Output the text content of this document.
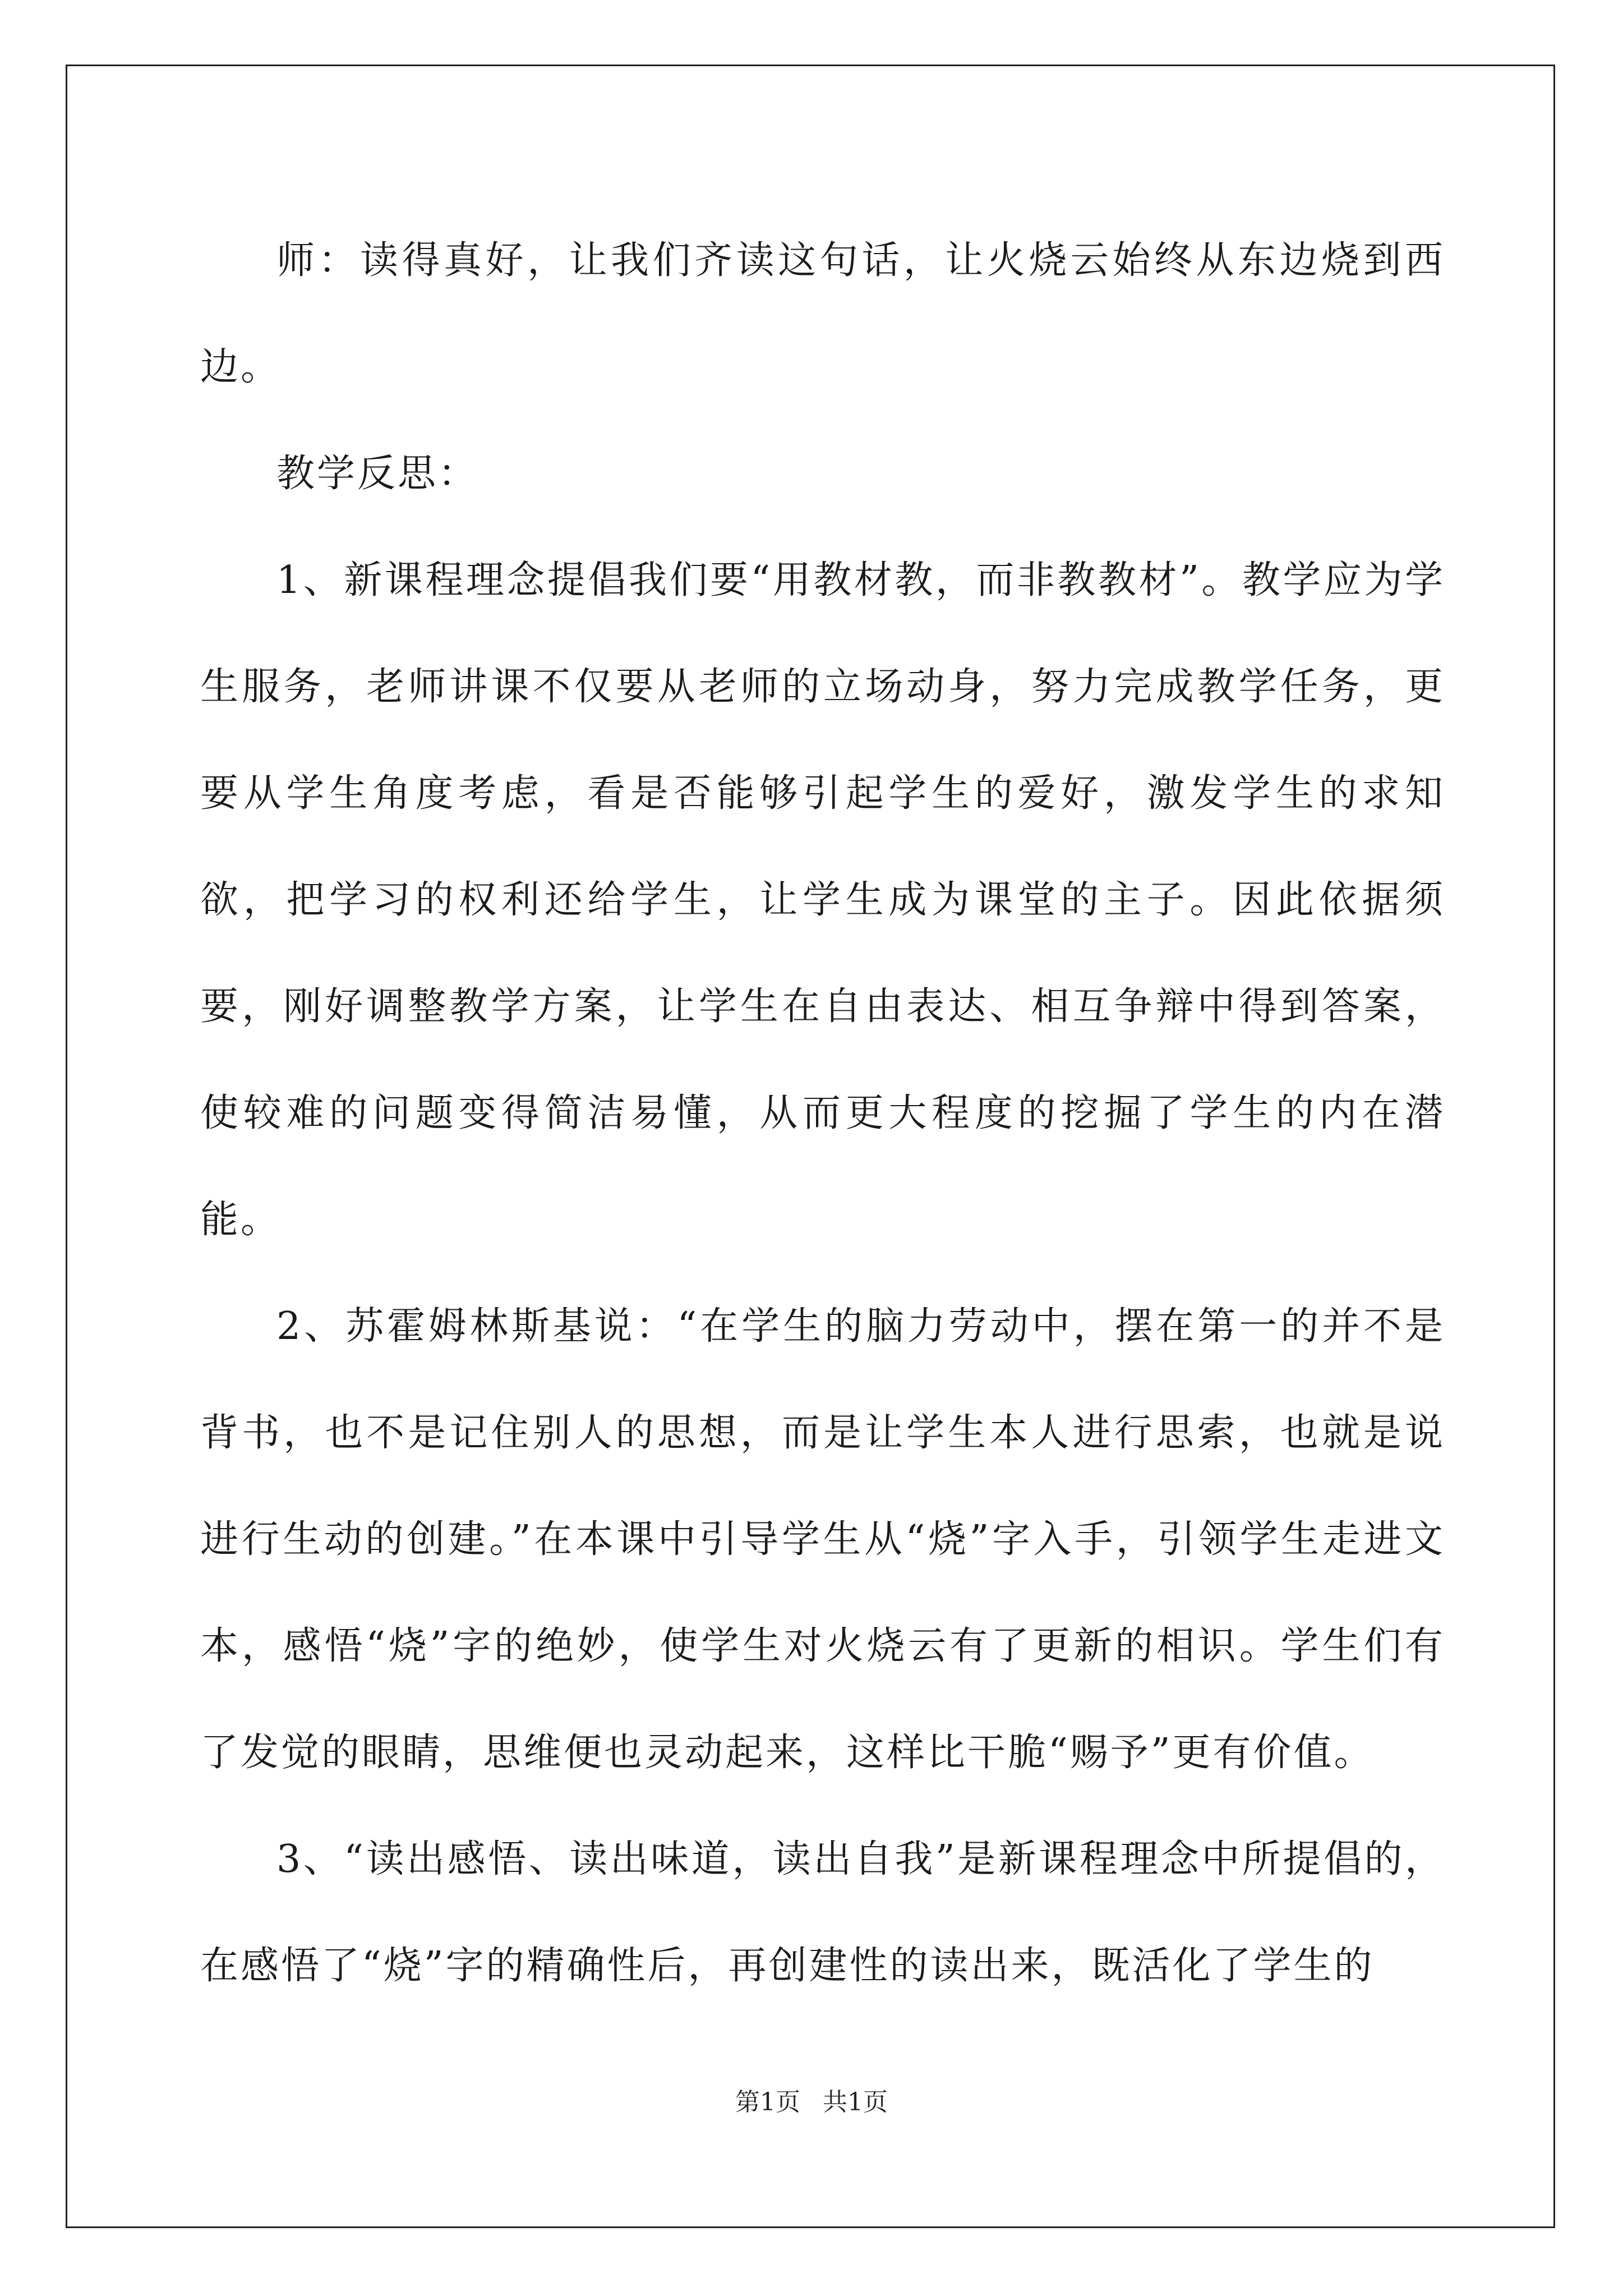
师：读得真好，让我们齐读这句话，让火烧云始终从东边烧到西边。

教学反思：

1、新课程理念提倡我们要“用教材教，而非教教材”。教学应为学生服务，老师讲课不仅要从老师的立场动身，努力完成教学任务，更要从学生角度考虑，看是否能够引起学生的爱好，激发学生的求知欲，把学习的权利还给学生，让学生成为课堂的主子。因此依据须要，刚好调整教学方案，让学生在自由表达、相互争辩中得到答案，使较难的问题变得简洁易懂，从而更大程度的挖掘了学生的内在潜能。

2、苏霍姆林斯基说：“在学生的脑力劳动中，摆在第一的并不是背书，也不是记住别人的思想，而是让学生本人进行思索，也就是说进行生动的创建。”在本课中引导学生从“烧”字入手，引领学生走进文本，感悟“烧”字的绝妙，使学生对火烧云有了更新的相识。学生们有了发觉的眼睛，思维便也灵动起来，这样比干脆“赐予”更有价值。

3、“读出感悟、读出味道，读出自我”是新课程理念中所提倡的，在感悟了“烧”字的精确性后，再创建性的读出来，既活化了学生的

第1页 共1页
